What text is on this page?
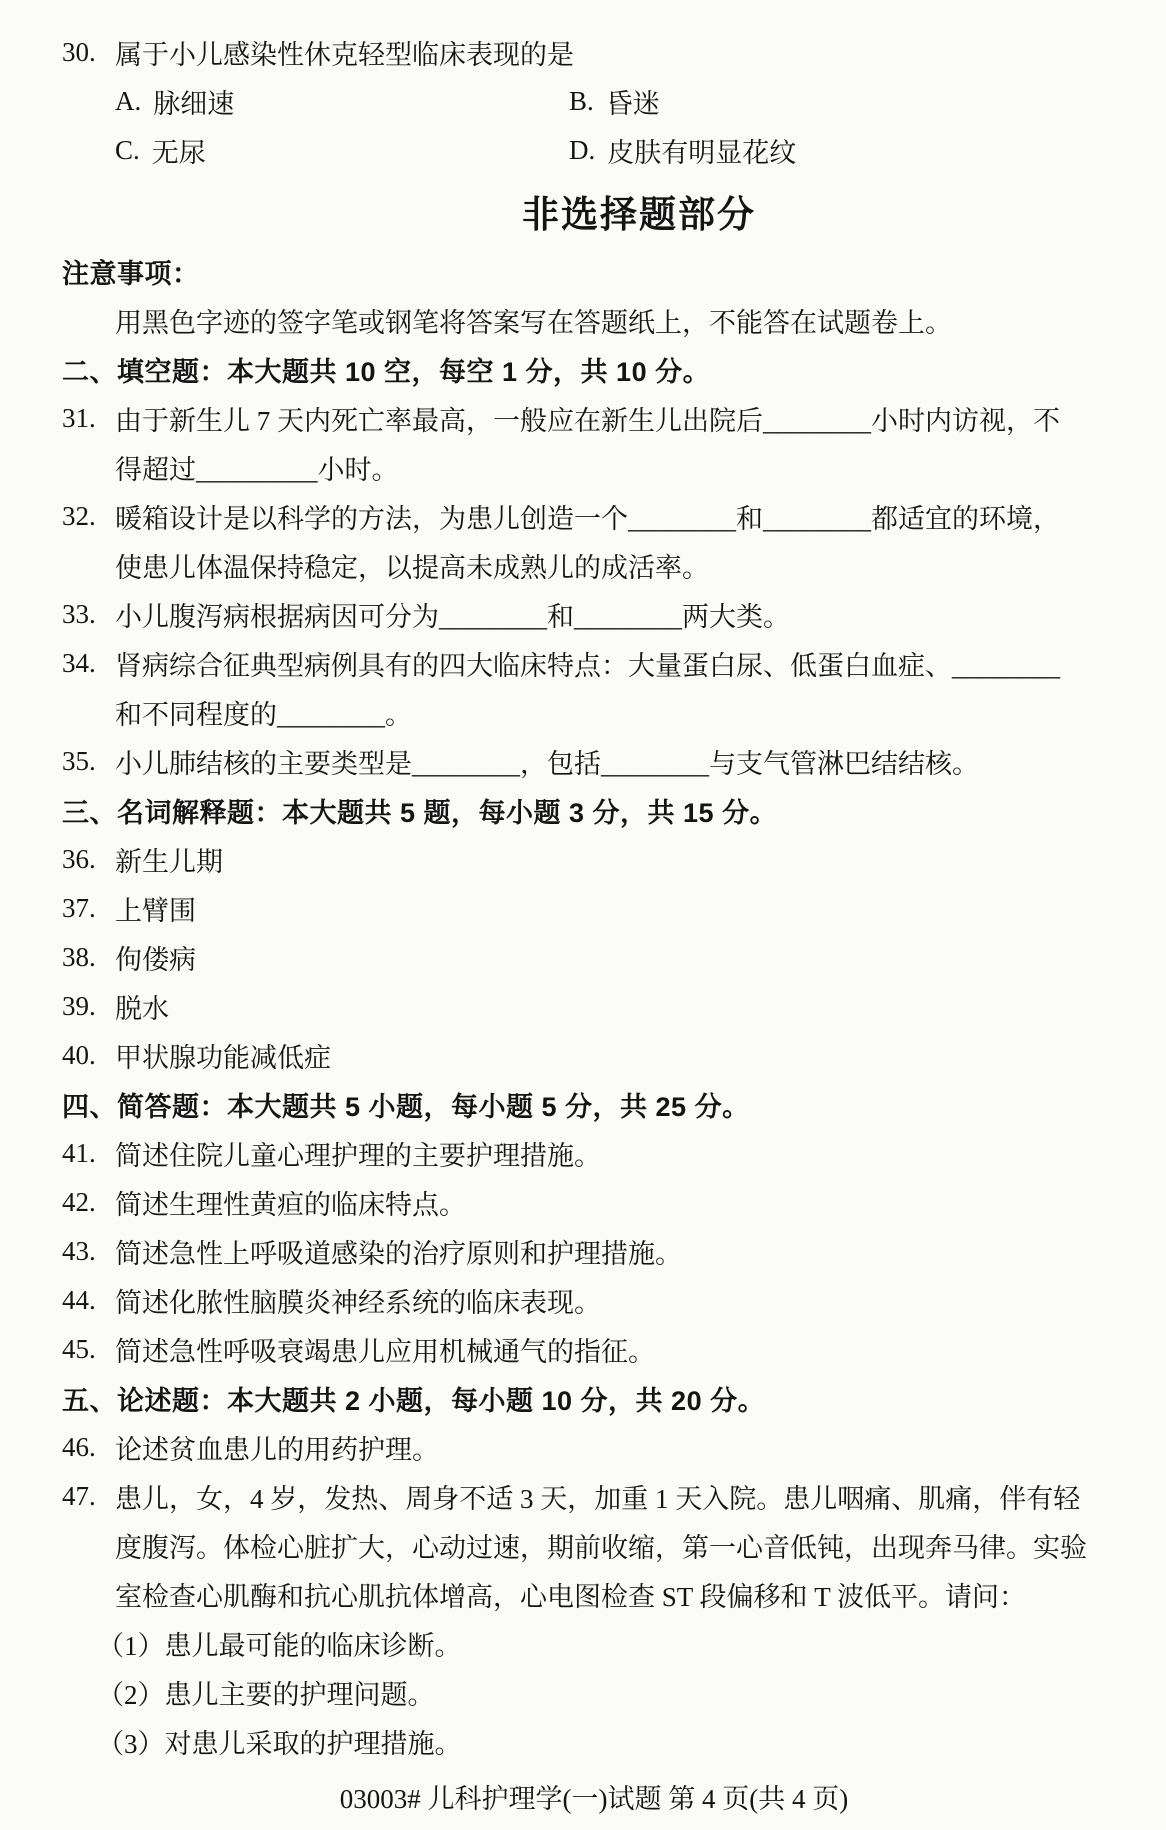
30. 属于小儿感染性休克轻型临床表现的是
A. 脉细速	B. 昏迷
C. 无尿	D. 皮肤有明显花纹
非选择题部分
注意事项：
用黑色字迹的签字笔或钢笔将答案写在答题纸上，不能答在试题卷上。
二、填空题：本大题共 10 空，每空 1 分，共 10 分。
31. 由于新生儿 7 天内死亡率最高，一般应在新生儿出院后________小时内访视，不
得超过_________小时。
32. 暖箱设计是以科学的方法，为患儿创造一个________和________都适宜的环境，
使患儿体温保持稳定，以提高未成熟儿的成活率。
33. 小儿腹泻病根据病因可分为________和________两大类。
34. 肾病综合征典型病例具有的四大临床特点：大量蛋白尿、低蛋白血症、________
和不同程度的________。
35. 小儿肺结核的主要类型是________，包括________与支气管淋巴结结核。
三、名词解释题：本大题共 5 题，每小题 3 分，共 15 分。
36. 新生儿期
37. 上臂围
38. 佝偻病
39. 脱水
40. 甲状腺功能减低症
四、简答题：本大题共 5 小题，每小题 5 分，共 25 分。
41. 简述住院儿童心理护理的主要护理措施。
42. 简述生理性黄疸的临床特点。
43. 简述急性上呼吸道感染的治疗原则和护理措施。
44. 简述化脓性脑膜炎神经系统的临床表现。
45. 简述急性呼吸衰竭患儿应用机械通气的指征。
五、论述题：本大题共 2 小题，每小题 10 分，共 20 分。
46. 论述贫血患儿的用药护理。
47. 患儿，女，4 岁，发热、周身不适 3 天，加重 1 天入院。患儿咽痛、肌痛，伴有轻
度腹泻。体检心脏扩大，心动过速，期前收缩，第一心音低钝，出现奔马律。实验
室检查心肌酶和抗心肌抗体增高，心电图检查 ST 段偏移和 T 波低平。请问：
（1）患儿最可能的临床诊断。
（2）患儿主要的护理问题。
（3）对患儿采取的护理措施。
03003# 儿科护理学(一)试题 第 4 页(共 4 页)
